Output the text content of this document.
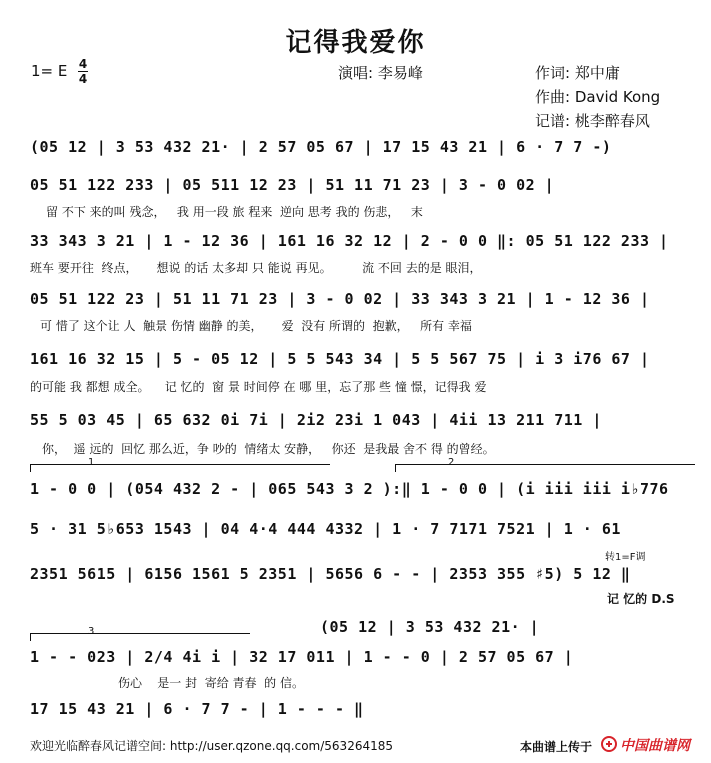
记得我爱你
1= E 4
4	演唱: 李易峰	作词: 郑中庸
作曲: David Kong
记谱: 桃李醉春风
(05 12 | 3 53 432 21· | 2 57 05 67 | 17 15 43 21 | 6 · 7 7 -)
05 51 122 233 | 05 511 12 23 | 51 11 71 23 | 3 - 0 02 |
留 不下 来的叫 残念，   我 用一段 旅 程来  逆向 思考 我的 伤悲，   末
33 343 3 21 | 1 - 12 36 | 161 16 32 12 | 2 - 0 0 ‖: 05 51 122 233 |
班车 要开往  终点，     想说 的话 太多却 只 能说 再见。        流 不回 去的是 眼泪，
05 51 122 23 | 51 11 71 23 | 3 - 0 02 | 33 343 3 21 | 1 - 12 36 |
可 惜了 这个让 人  触景 伤情 幽静 的美，     爱  没有 所谓的  抱歉，   所有 幸福
161 16 32 15 | 5 - 05 12 | 5 5 543 34 | 5 5 567 75 | i 3 i76 67 |
的可能 我 都想 成全。    记 忆的  窗 景 时间停 在 哪 里，忘了那 些 憧 憬，记得我 爱
55 5 03 45 | 65 632 0i 7i | 2i2 23i 1 043 | 4ii 13 211 711 |
你，  遥 远的  回忆 那么近，争 吵的  情绪太 安静，   你还  是我最 舍不 得 的曾经。
1	2
1 - 0 0 | (054 432 2 - | 065 543 3 2 ):‖ 1 - 0 0 | (i iii iii i♭776
5 · 31 5♭653 1543 | 04 4·4 444 4332 | 1 · 7 7171 7521 | 1 · 61
转1=F调
2351 5615 | 6156 1561 5 2351 | 5656 6 - - | 2353 355 ♯5) 5 12 ‖
记 忆的 D.S
(05 12 | 3 53 432 21· |
3
1 - - 023 | 2/4 4i i | 32 17 011 | 1 - - 0 | 2 57 05 67 |
伤心    是一 封  寄给 青春  的 信。
17 15 43 21 | 6 · 7 7 - | 1 - - - ‖
欢迎光临醉春风记谱空间: http://user.qzone.qq.com/563264185	本曲谱上传于 中国曲谱网
